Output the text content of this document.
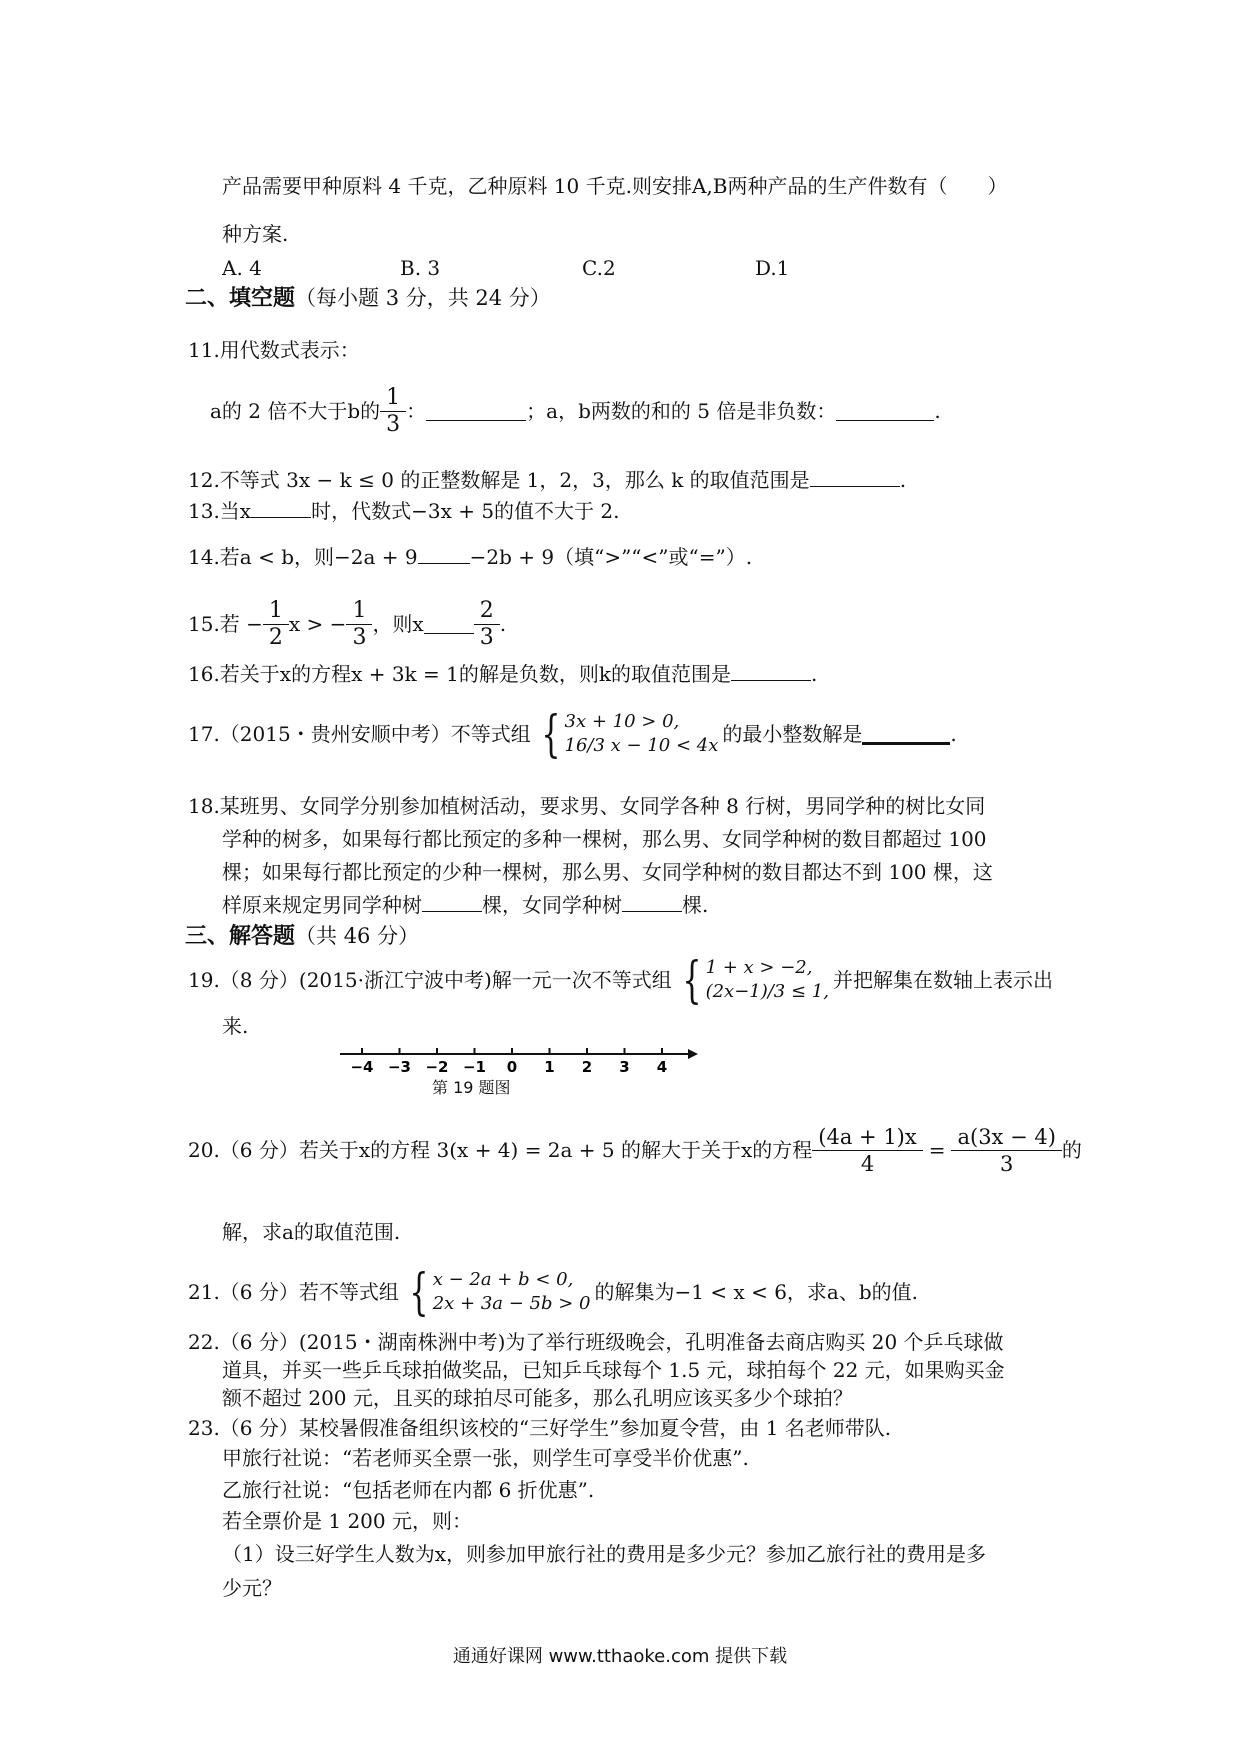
产品需要甲种原料 4 千克，乙种原料 10 千克.则安排A,B两种产品的生产件数有（　　）
种方案.
A. 4	B. 3	C.2	D.1
二、填空题（每小题 3 分，共 24 分）
11.用代数式表示：
a的 2 倍不大于b的 $\frac{1}{3}$ ：	；a，b两数的和的 5 倍是非负数：	.
12.不等式 3x − k ≤ 0 的正整数解是 1，2，3，那么 k 的取值范围是	.
13.当x	时，代数式−3x + 5的值不大于 2.
14.若a < b，则−2a + 9	−2b + 9（填“>”“<”或“=”）.
15.若 − $\frac{1}{2}$ x > − $\frac{1}{3}$ ，则x $\frac{2}{3}$ .
16.若关于x的方程x + 3k = 1的解是负数，则k的取值范围是	.
17.（2015・贵州安顺中考）不等式组 { 3x + 10 > 0,
16/3 x − 10 < 4x 的最小整数解是	.
18.某班男、女同学分别参加植树活动，要求男、女同学各种 8 行树，男同学种的树比女同
学种的树多，如果每行都比预定的多种一棵树，那么男、女同学种树的数目都超过 100
棵；如果每行都比预定的少种一棵树，那么男、女同学种树的数目都达不到 100 棵，这
样原来规定男同学种树	棵，女同学种树	棵.
三、解答题（共 46 分）
19.（8 分）(2015·浙江宁波中考)解一元一次不等式组 { 1 + x > −2,
(2x−1)/3 ≤ 1, 并把解集在数轴上表示出
来.
−4 −3 −2 −1 0 1 2 3 4
第 19 题图
20.（6 分）若关于x的方程 3(x + 4) = 2a + 5 的解大于关于x的方程 $\frac{(4a + 1)x}{4} = \frac{a(3x - 4)}{3}$ 的
解，求a的取值范围.
21.（6 分）若不等式组 { x − 2a + b < 0,
2x + 3a − 5b > 0 的解集为−1 < x < 6，求a、b的值.
22.（6 分）(2015・湖南株洲中考)为了举行班级晚会，孔明准备去商店购买 20 个乒乓球做
道具，并买一些乒乓球拍做奖品，已知乒乓球每个 1.5 元，球拍每个 22 元，如果购买金
额不超过 200 元，且买的球拍尽可能多，那么孔明应该买多少个球拍？
23.（6 分）某校暑假准备组织该校的“三好学生”参加夏令营，由 1 名老师带队.
甲旅行社说：“若老师买全票一张，则学生可享受半价优惠”.
乙旅行社说：“包括老师在内都 6 折优惠”.
若全票价是 1 200 元，则：
（1）设三好学生人数为x，则参加甲旅行社的费用是多少元？参加乙旅行社的费用是多
少元？
通通好课网 www.tthaoke.com 提供下载
